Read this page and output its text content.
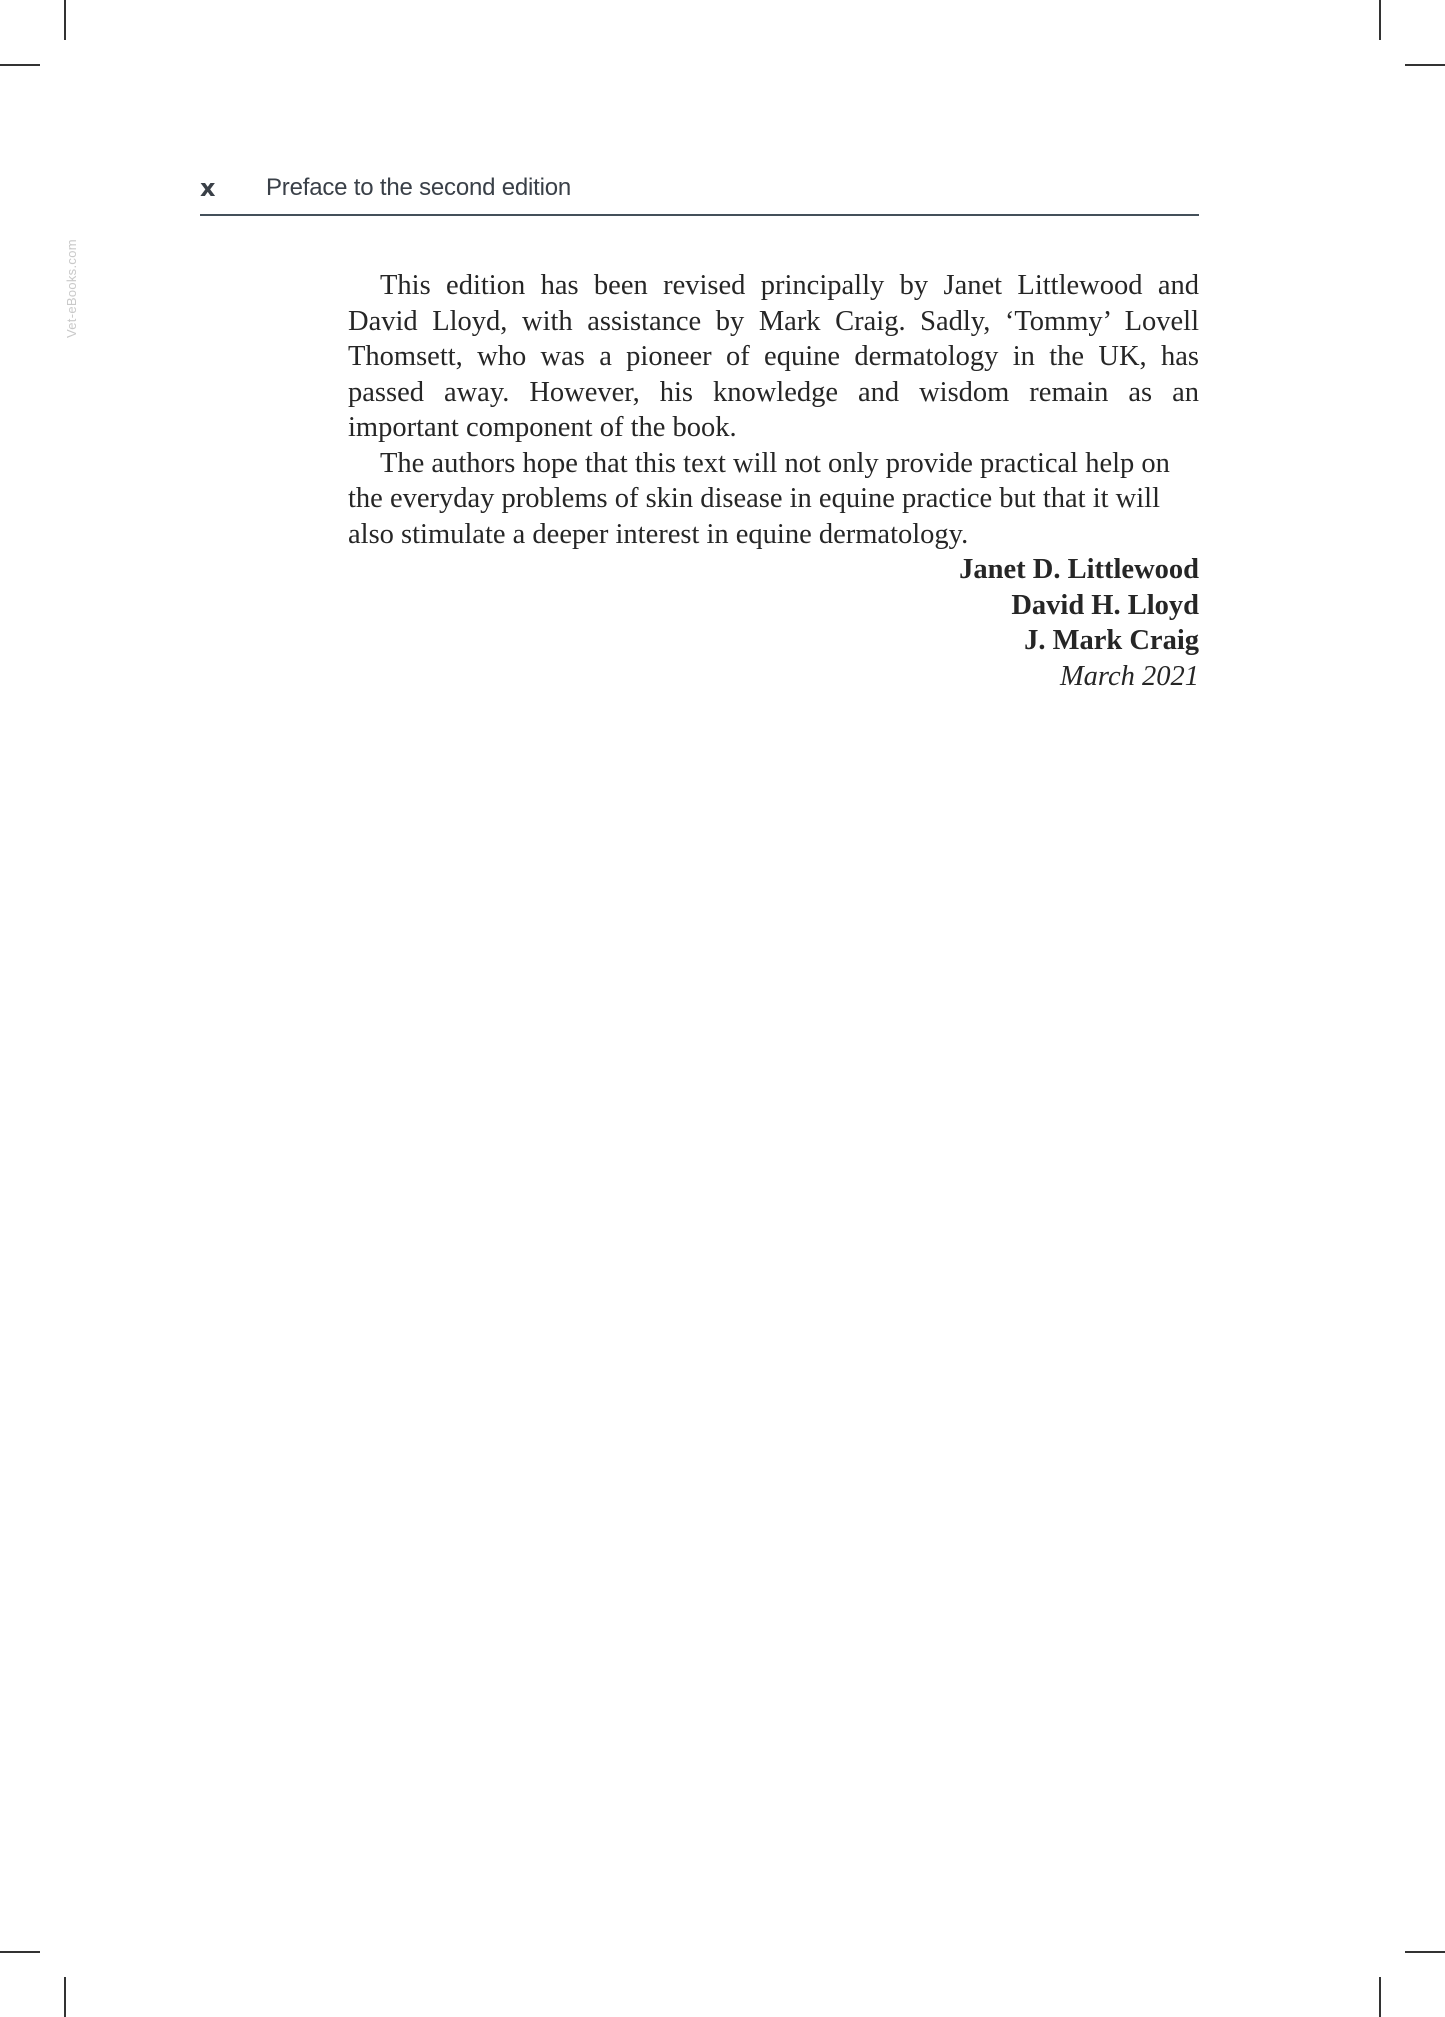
Vet-eBooks.com
x Preface to the second edition

This edition has been revised principally by Janet Littlewood and David Lloyd, with assistance by Mark Craig. Sadly, ‘Tommy’ Lovell Thomsett, who was a pioneer of equine dermatology in the UK, has passed away. However, his knowledge and wisdom remain as an important component of the book.

The authors hope that this text will not only provide practical help on the everyday problems of skin disease in equine practice but that it will also stimulate a deeper interest in equine dermatology.

Janet D. Littlewood
David H. Lloyd
J. Mark Craig
March 2021
